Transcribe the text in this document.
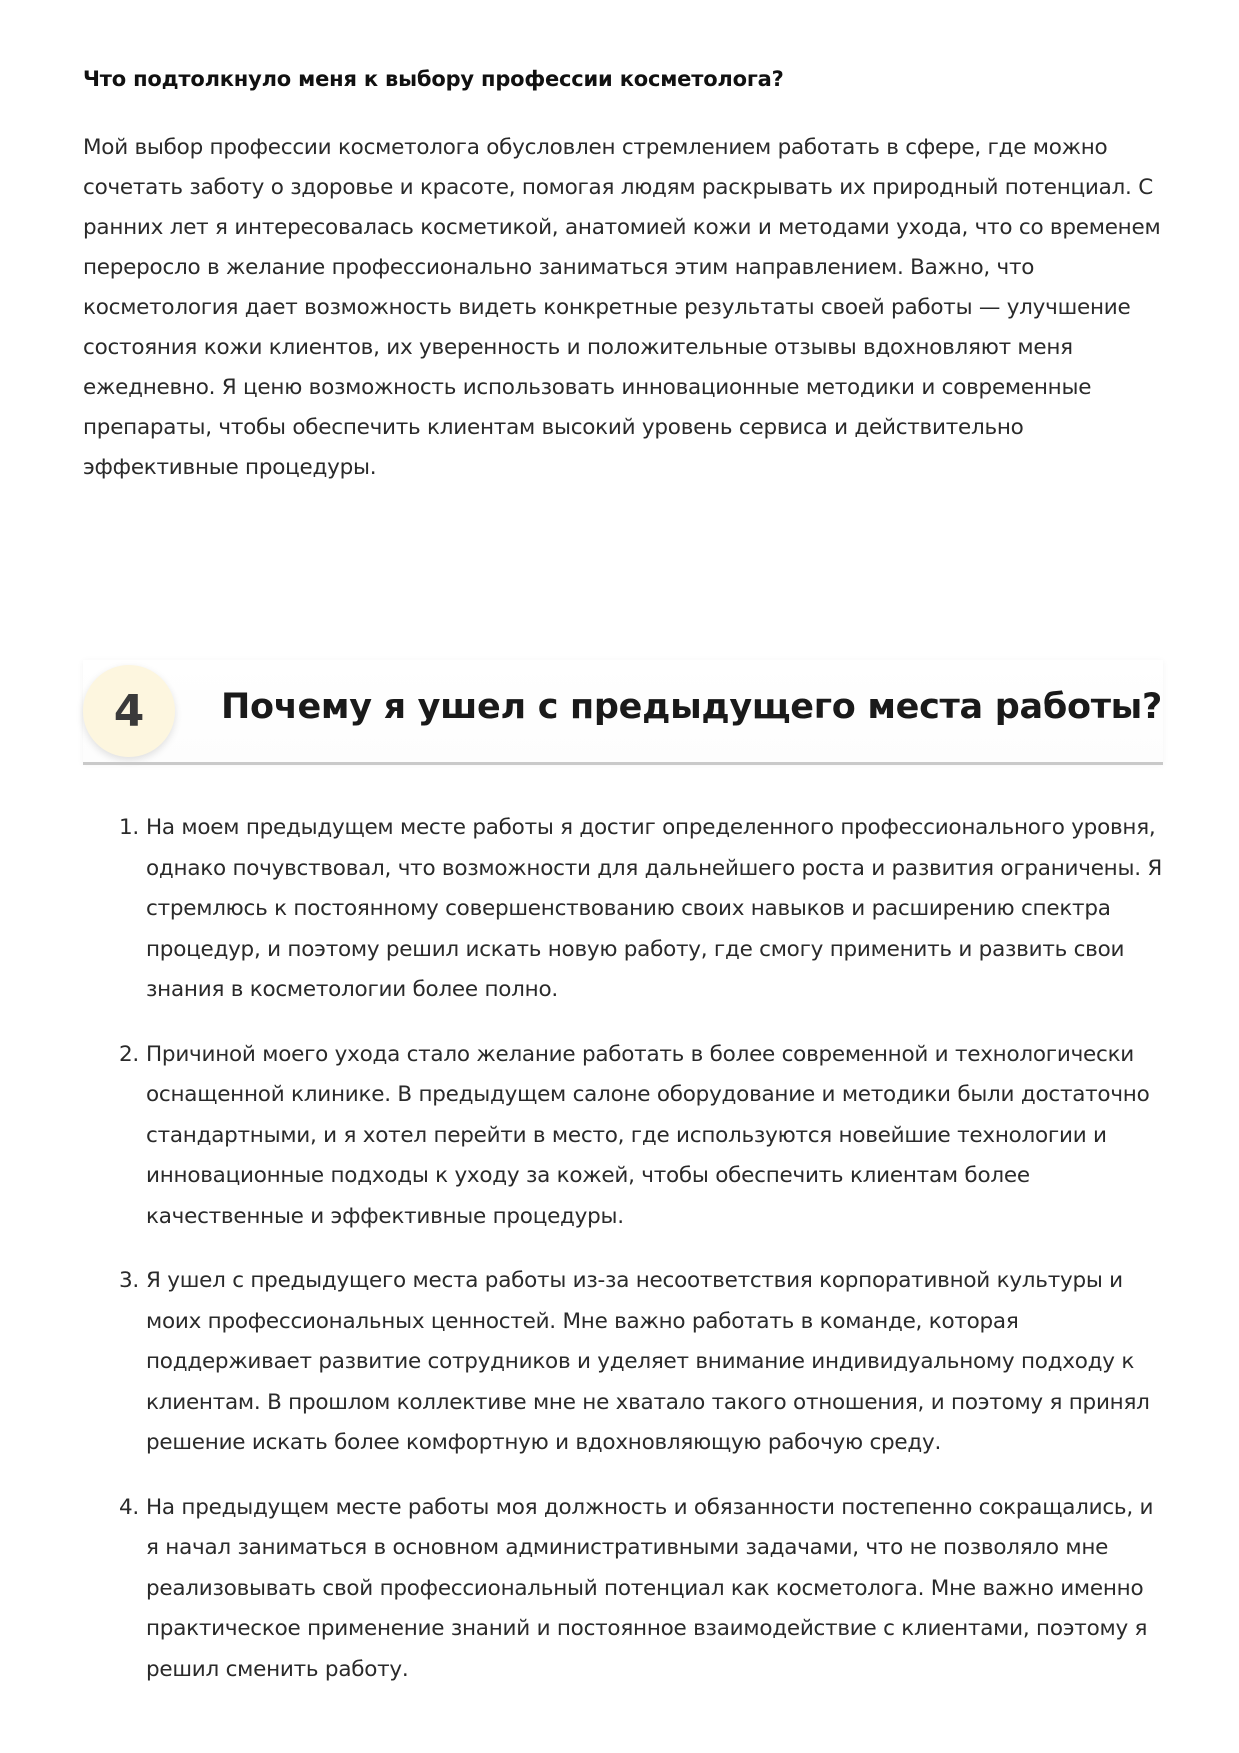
Что подтолкнуло меня к выбору профессии косметолога?

Мой выбор профессии косметолога обусловлен стремлением работать в сфере, где можно сочетать заботу о здоровье и красоте, помогая людям раскрывать их природный потенциал. С ранних лет я интересовалась косметикой, анатомией кожи и методами ухода, что со временем переросло в желание профессионально заниматься этим направлением. Важно, что косметология дает возможность видеть конкретные результаты своей работы — улучшение состояния кожи клиентов, их уверенность и положительные отзывы вдохновляют меня ежедневно. Я ценю возможность использовать инновационные методики и современные препараты, чтобы обеспечить клиентам высокий уровень сервиса и действительно эффективные процедуры.

4	Почему я ушел с предыдущего места работы?
1. На моем предыдущем месте работы я достиг определенного профессионального уровня, однако почувствовал, что возможности для дальнейшего роста и развития ограничены. Я стремлюсь к постоянному совершенствованию своих навыков и расширению спектра процедур, и поэтому решил искать новую работу, где смогу применить и развить свои знания в косметологии более полно.
2. Причиной моего ухода стало желание работать в более современной и технологически оснащенной клинике. В предыдущем салоне оборудование и методики были достаточно стандартными, и я хотел перейти в место, где используются новейшие технологии и инновационные подходы к уходу за кожей, чтобы обеспечить клиентам более качественные и эффективные процедуры.
3. Я ушел с предыдущего места работы из-за несоответствия корпоративной культуры и моих профессиональных ценностей. Мне важно работать в команде, которая поддерживает развитие сотрудников и уделяет внимание индивидуальному подходу к клиентам. В прошлом коллективе мне не хватало такого отношения, и поэтому я принял решение искать более комфортную и вдохновляющую рабочую среду.
4. На предыдущем месте работы моя должность и обязанности постепенно сокращались, и я начал заниматься в основном административными задачами, что не позволяло мне реализовывать свой профессиональный потенциал как косметолога. Мне важно именно практическое применение знаний и постоянное взаимодействие с клиентами, поэтому я решил сменить работу.
